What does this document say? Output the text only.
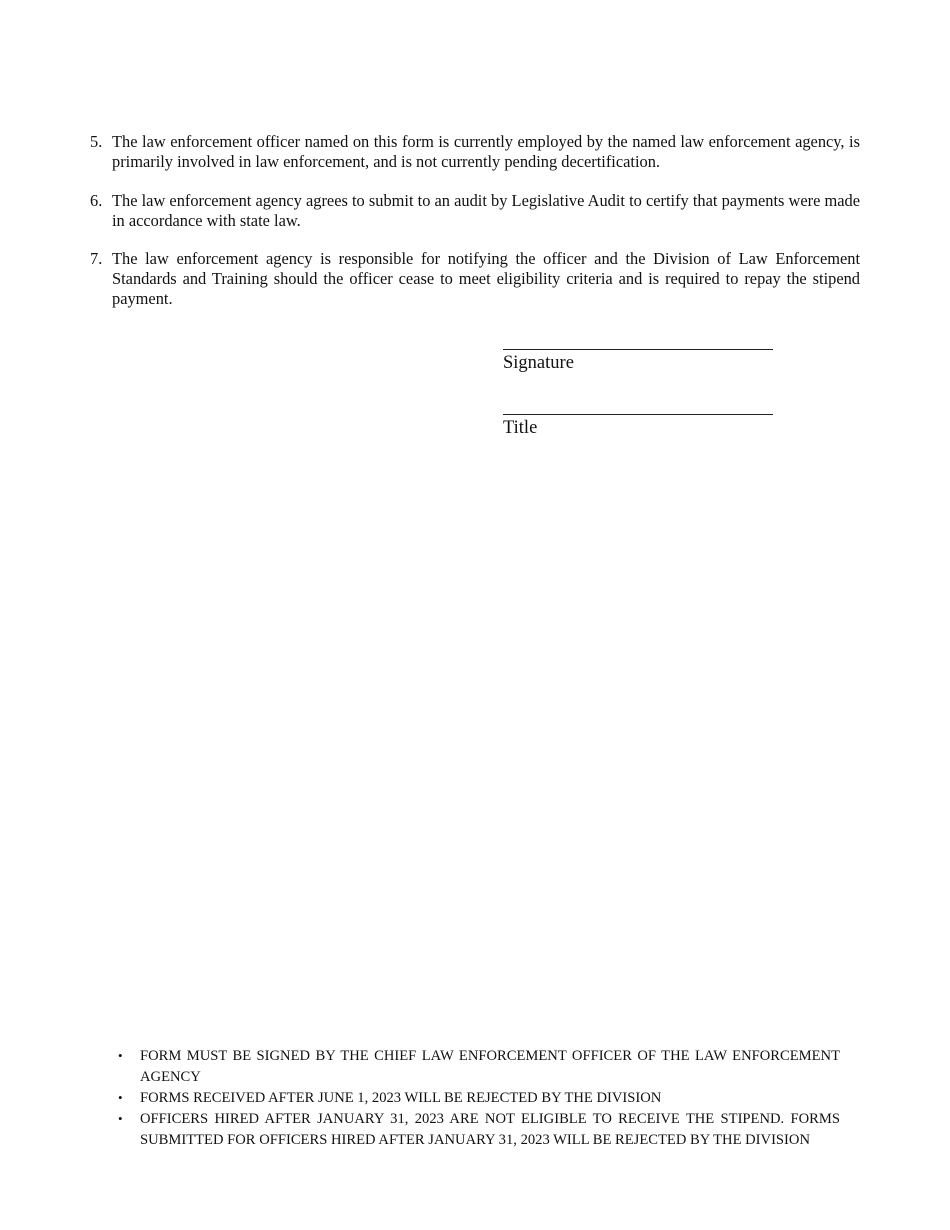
5. The law enforcement officer named on this form is currently employed by the named law enforcement agency, is primarily involved in law enforcement, and is not currently pending decertification.
6. The law enforcement agency agrees to submit to an audit by Legislative Audit to certify that payments were made in accordance with state law.
7. The law enforcement agency is responsible for notifying the officer and the Division of Law Enforcement Standards and Training should the officer cease to meet eligibility criteria and is required to repay the stipend payment.
Signature
Title
•	FORM MUST BE SIGNED BY THE CHIEF LAW ENFORCEMENT OFFICER OF THE LAW ENFORCEMENT AGENCY
•	FORMS RECEIVED AFTER JUNE 1, 2023 WILL BE REJECTED BY THE DIVISION
•	OFFICERS HIRED AFTER JANUARY 31, 2023 ARE NOT ELIGIBLE TO RECEIVE THE STIPEND. FORMS SUBMITTED FOR OFFICERS HIRED AFTER JANUARY 31, 2023 WILL BE REJECTED BY THE DIVISION
